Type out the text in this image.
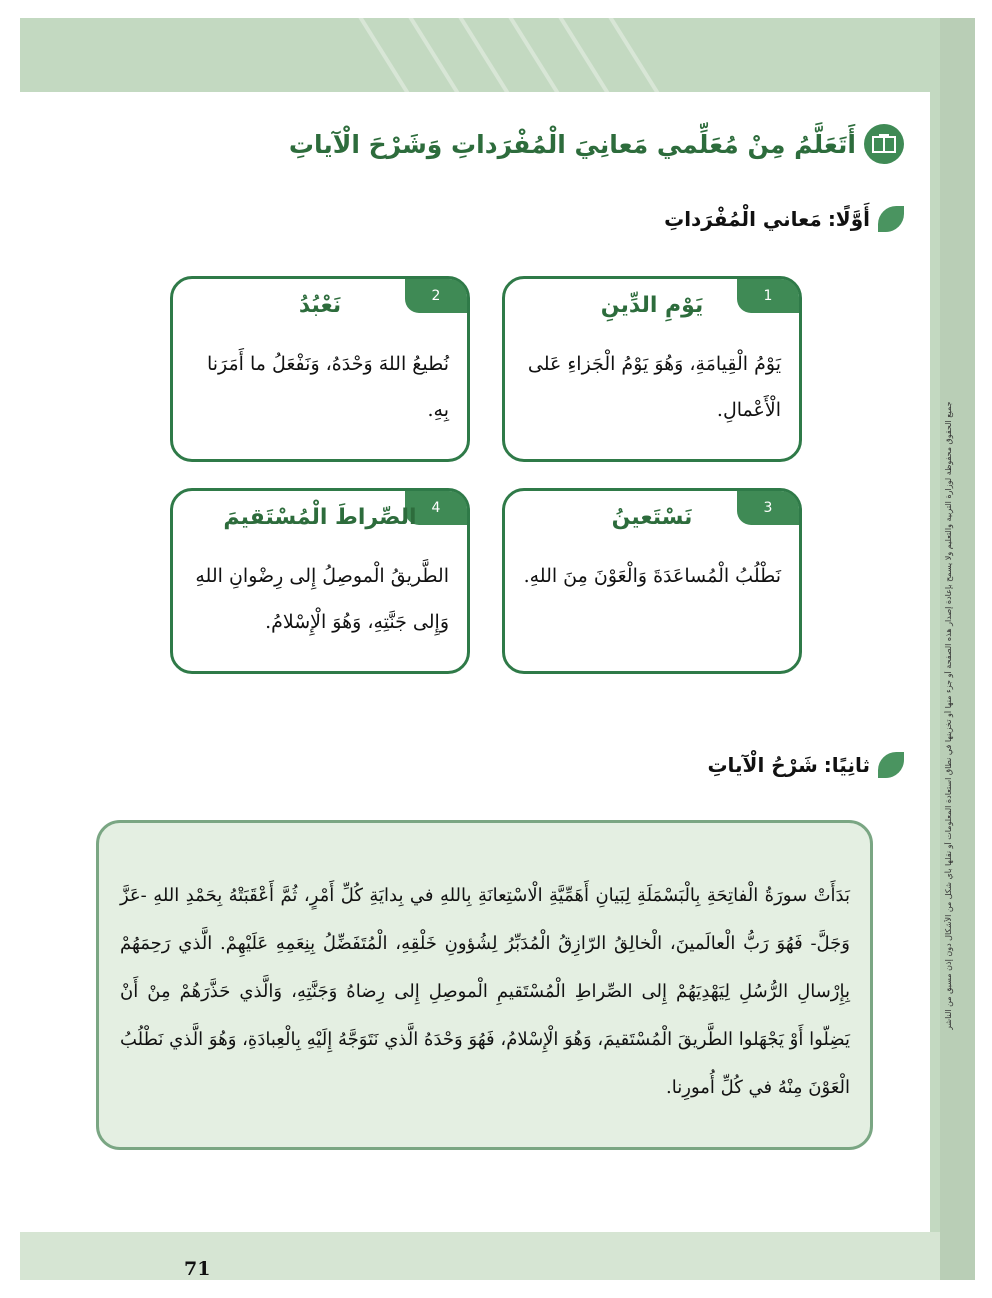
71
جميع الحقوق محفوظة لوزارة التربية والتعليم ولا يسمح بإعادة إصدار هذه الصفحة أو جزء منها أو تخزينها في نطاق استعادة المعلومات أو نقلها بأي شكل من الأشكال دون إذن مسبق من الناشر
أَتَعَلَّمُ مِنْ مُعَلِّمي مَعانِيَ الْمُفْرَداتِ وَشَرْحَ الْآياتِ
أَوَّلًا:
مَعاني الْمُفْرَداتِ
1
يَوْمِ الدِّينِ
يَوْمُ الْقِيامَةِ، وَهُوَ يَوْمُ الْجَزاءِ عَلى الْأَعْمالِ.
2
نَعْبُدُ
نُطيعُ اللهَ وَحْدَهُ، وَنَفْعَلُ ما أَمَرَنا بِهِ.
3
نَسْتَعينُ
نَطْلُبُ الْمُساعَدَةَ وَالْعَوْنَ مِنَ اللهِ.
4
الصِّراطَ الْمُسْتَقيمَ
الطَّريقُ الْموصِلُ إِلى رِضْوانِ اللهِ وَإِلى جَنَّتِهِ، وَهُوَ الْإِسْلامُ.
ثانِيًا:
شَرْحُ الْآياتِ
بَدَأَتْ سورَةُ الْفاتِحَةِ بِالْبَسْمَلَةِ لِبَيانِ أَهَمِّيَّةِ الْاسْتِعانَةِ بِاللهِ في بِدايَةِ كُلِّ أَمْرٍ، ثُمَّ أَعْقَبَتْهُ بِحَمْدِ اللهِ -عَزَّ وَجَلَّ- فَهُوَ رَبُّ الْعالَمينَ، الْخالِقُ الرّازِقُ الْمُدَبِّرُ لِشُؤونِ خَلْقِهِ، الْمُتَفَضِّلُ بِنِعَمِهِ عَلَيْهِمْ. الَّذي رَحِمَهُمْ بِإِرْسالِ الرُّسُلِ لِيَهْدِيَهُمْ إِلى الصِّراطِ الْمُسْتَقيمِ الْموصِلِ إِلى رِضاهُ وَجَنَّتِهِ، وَالَّذي حَذَّرَهُمْ مِنْ أَنْ يَضِلّوا أَوْ يَجْهَلوا الطَّريقَ الْمُسْتَقيمَ، وَهُوَ الْإِسْلامُ، فَهُوَ وَحْدَهُ الَّذي نَتَوَجَّهُ إِلَيْهِ بِالْعِبادَةِ، وَهُوَ الَّذي نَطْلُبُ الْعَوْنَ مِنْهُ في كُلِّ أُمورِنا.
